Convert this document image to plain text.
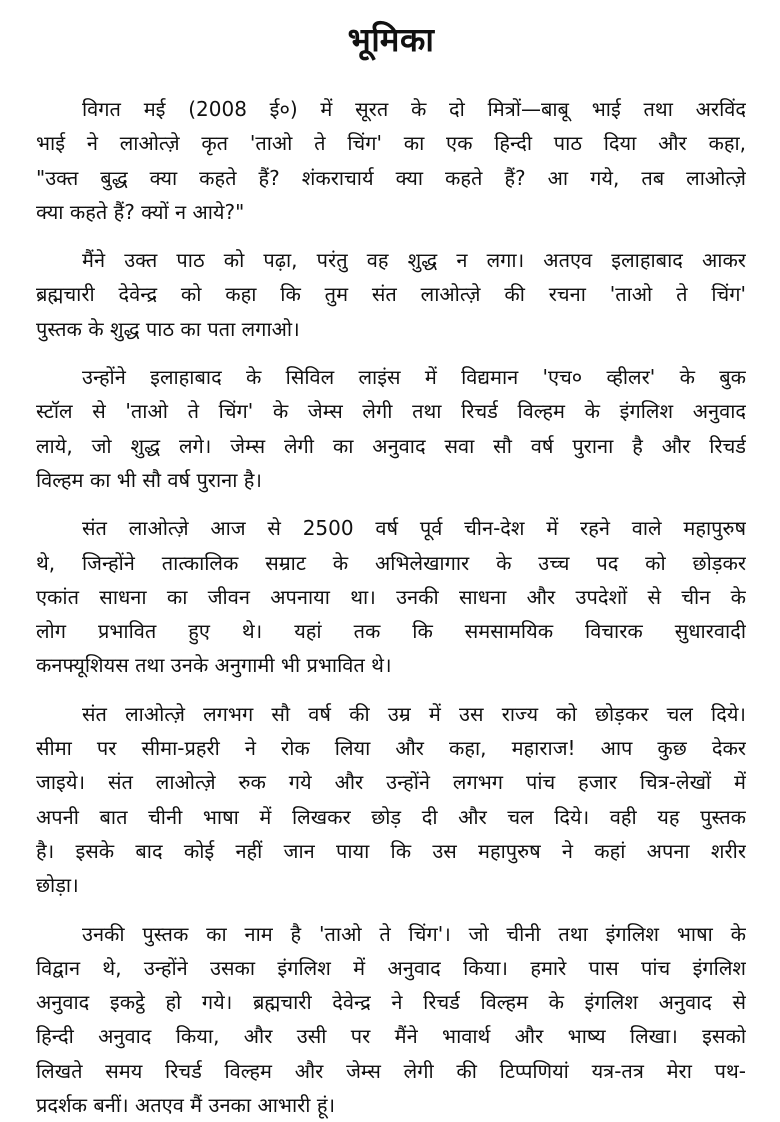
भूमिका
विगत मई (2008 ई०) में सूरत के दो मित्रों—बाबू भाई तथा अरविंद
भाई ने लाओत्ज़े कृत 'ताओ ते चिंग' का एक हिन्दी पाठ दिया और कहा,
"उक्त बुद्ध क्या कहते हैं? शंकराचार्य क्या कहते हैं? आ गये, तब लाओत्ज़े
क्या कहते हैं? क्यों न आये?"
मैंने उक्त पाठ को पढ़ा, परंतु वह शुद्ध न लगा। अतएव इलाहाबाद आकर
ब्रह्मचारी देवेन्द्र को कहा कि तुम संत लाओत्ज़े की रचना 'ताओ ते चिंग'
पुस्तक के शुद्ध पाठ का पता लगाओ।
उन्होंने इलाहाबाद के सिविल लाइंस में विद्यमान 'एच० व्हीलर' के बुक
स्टॉल से 'ताओ ते चिंग' के जेम्स लेगी तथा रिचर्ड विल्हम के इंगलिश अनुवाद
लाये, जो शुद्ध लगे। जेम्स लेगी का अनुवाद सवा सौ वर्ष पुराना है और रिचर्ड
विल्हम का भी सौ वर्ष पुराना है।
संत लाओत्ज़े आज से 2500 वर्ष पूर्व चीन-देश में रहने वाले महापुरुष
थे, जिन्होंने तात्कालिक सम्राट के अभिलेखागार के उच्च पद को छोड़कर
एकांत साधना का जीवन अपनाया था। उनकी साधना और उपदेशों से चीन के
लोग प्रभावित हुए थे। यहां तक कि समसामयिक विचारक सुधारवादी
कनफ्यूशियस तथा उनके अनुगामी भी प्रभावित थे।
संत लाओत्ज़े लगभग सौ वर्ष की उम्र में उस राज्य को छोड़कर चल दिये।
सीमा पर सीमा-प्रहरी ने रोक लिया और कहा, महाराज! आप कुछ देकर
जाइये। संत लाओत्ज़े रुक गये और उन्होंने लगभग पांच हजार चित्र-लेखों में
अपनी बात चीनी भाषा में लिखकर छोड़ दी और चल दिये। वही यह पुस्तक
है। इसके बाद कोई नहीं जान पाया कि उस महापुरुष ने कहां अपना शरीर
छोड़ा।
उनकी पुस्तक का नाम है 'ताओ ते चिंग'। जो चीनी तथा इंगलिश भाषा के
विद्वान थे, उन्होंने उसका इंगलिश में अनुवाद किया। हमारे पास पांच इंगलिश
अनुवाद इकट्ठे हो गये। ब्रह्मचारी देवेन्द्र ने रिचर्ड विल्हम के इंगलिश अनुवाद से
हिन्दी अनुवाद किया, और उसी पर मैंने भावार्थ और भाष्य लिखा। इसको
लिखते समय रिचर्ड विल्हम और जेम्स लेगी की टिप्पणियां यत्र-तत्र मेरा पथ-
प्रदर्शक बनीं। अतएव मैं उनका आभारी हूं।
